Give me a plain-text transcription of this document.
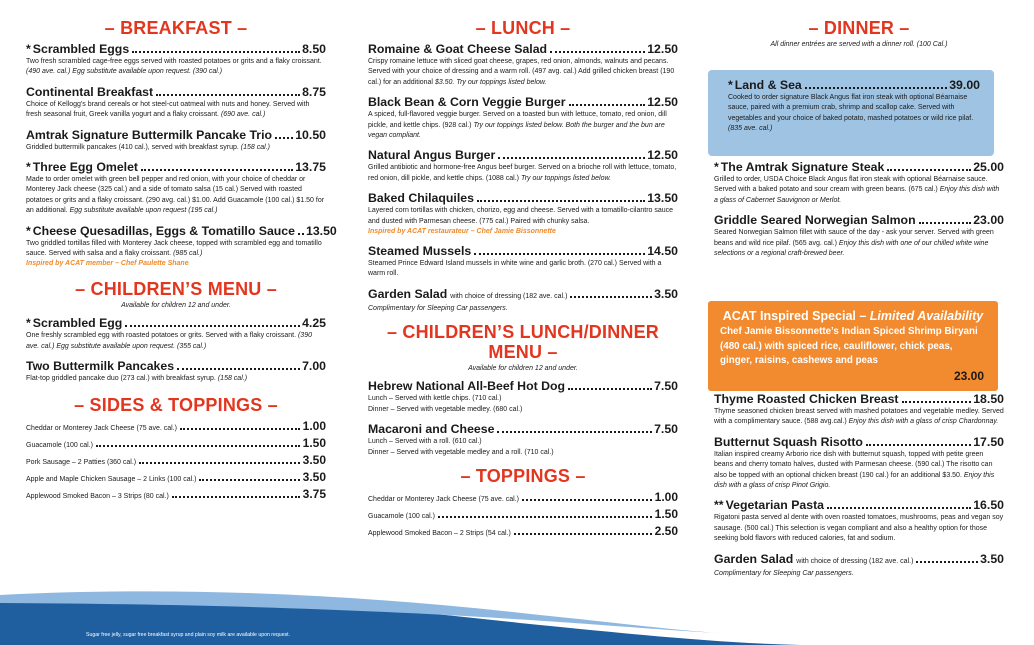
Sugar free jelly, sugar free breakfast syrup and plain soy milk are available upon request.
– BREAKFAST –
* Scrambled Eggs	8.50
Two fresh scrambled cage-free eggs served with roasted potatoes or grits and a flaky croissant. (490 ave. cal.) Egg substitute available upon request. (390 cal.)
Continental Breakfast	8.75
Choice of Kellogg’s brand cereals or hot steel-cut oatmeal with nuts and honey. Served with fresh seasonal fruit, Greek vanilla yogurt and a flaky croissant. (690 ave. cal.)
Amtrak Signature Buttermilk Pancake Trio 10.50
Griddled buttermilk pancakes (410 cal.), served with breakfast syrup. (158 cal.)
* Three Egg Omelet	13.75
Made to order omelet with green bell pepper and red onion, with your choice of cheddar or Monterey Jack cheese (325 cal.) and a side of tomato salsa (15 cal.) Served with roasted potatoes or grits and a flaky croissant. (290 avg. cal.) $1.00. Add Guacamole (100 cal.) $1.50 for an additional. Egg substitute available upon request (195 cal.)
* Cheese Quesadillas, Eggs & Tomatillo Sauce 13.50
Two griddled tortillas filled with Monterey Jack cheese, topped with scrambled egg and tomatillo sauce. Served with salsa and a flaky croissant. (985 cal.)
Inspired by ACAT member – Chef Paulette Shane
– CHILDREN’S MENU –
Available for children 12 and under.
* Scrambled Egg	4.25
One freshly scrambled egg with roasted potatoes or grits. Served with a flaky croissant. (390 ave. cal.) Egg substitute available upon request. (355 cal.)
Two Buttermilk Pancakes	7.00
Flat-top griddled pancake duo (273 cal.) with breakfast syrup. (158 cal.)
– SIDES & TOPPINGS –
Cheddar or Monterey Jack Cheese (75 ave. cal.)	1.00
Guacamole (100 cal.)	1.50
Pork Sausage – 2 Patties (360 cal.)	3.50
Apple and Maple Chicken Sausage – 2 Links (100 cal.)	3.50
Applewood Smoked Bacon – 3 Strips (80 cal.)	3.75
– LUNCH –
Romaine & Goat Cheese Salad	12.50
Crispy romaine lettuce with sliced goat cheese, grapes, red onion, almonds, walnuts and pecans. Served with your choice of dressing and a warm roll. (497 avg. cal.) Add grilled chicken breast (190 cal.) for an additional $3.50. Try our toppings listed below.
Black Bean & Corn Veggie Burger	12.50
A spiced, full-flavored veggie burger. Served on a toasted bun with lettuce, tomato, red onion, dill pickle, and kettle chips. (928 cal.) Try our toppings listed below. Both the burger and the bun are vegan compliant.
Natural Angus Burger	12.50
Grilled antibiotic and hormone-free Angus beef burger. Served on a brioche roll with lettuce, tomato, red onion, dill pickle, and kettle chips. (1088 cal.) Try our toppings listed below.
Baked Chilaquiles	13.50
Layered corn tortillas with chicken, chorizo, egg and cheese. Served with a tomatillo-cilantro sauce and dusted with Parmesan cheese. (775 cal.) Paired with chunky salsa.
Inspired by ACAT restaurateur – Chef Jamie Bissonnette
Steamed Mussels	14.50
Steamed Prince Edward Island mussels in white wine and garlic broth. (270 cal.) Served with a warm roll.
Garden Salad with choice of dressing (182 ave. cal.)	3.50
Complimentary for Sleeping Car passengers.
– CHILDREN’S LUNCH/DINNER MENU –
Available for children 12 and under.
Hebrew National All-Beef Hot Dog	7.50
Lunch – Served with kettle chips. (710 cal.)
Dinner – Served with vegetable medley. (680 cal.)
Macaroni and Cheese	7.50
Lunch – Served with a roll. (610 cal.)
Dinner – Served with vegetable medley and a roll. (710 cal.)
– TOPPINGS –
Cheddar or Monterey Jack Cheese (75 ave. cal.)	1.00
Guacamole (100 cal.)	1.50
Applewood Smoked Bacon – 2 Strips (54 cal.)	2.50
– DINNER –
All dinner entrées are served with a dinner roll. (100 Cal.)
* Land & Sea	39.00
Cooked to order signature Black Angus flat iron steak with optional Béarnaise sauce, paired with a premium crab, shrimp and scallop cake. Served with vegetables and your choice of baked potato, mashed potatoes or wild rice pilaf. (835 ave. cal.)
* The Amtrak Signature Steak	25.00
Grilled to order, USDA Choice Black Angus flat iron steak with optional Béarnaise sauce. Served with a baked potato and sour cream with green beans. (675 cal.) Enjoy this dish with a glass of Cabernet Sauvignon or Merlot.
Griddle Seared Norwegian Salmon	23.00
Seared Norwegian Salmon fillet with sauce of the day - ask your server. Served with green beans and wild rice pilaf. (565 avg. cal.) Enjoy this dish with one of our chilled white wine selections or a regional craft-brewed beer.
ACAT Inspired Special – Limited Availability
Chef Jamie Bissonnette’s Indian Spiced Shrimp Biryani (480 cal.) with spiced rice, cauliflower, chick peas, ginger, raisins, cashews and peas
23.00
Thyme Roasted Chicken Breast	18.50
Thyme seasoned chicken breast served with mashed potatoes and vegetable medley. Served with a complimentary sauce. (588 avg.cal.) Enjoy this dish with a glass of crisp Chardonnay.
Butternut Squash Risotto	17.50
Italian inspired creamy Arborio rice dish with butternut squash, topped with petite green beans and cherry tomato halves, dusted with Parmesan cheese. (590 cal.) The risotto can also be topped with an optional chicken breast (190 cal.) for an additional $3.50. Enjoy this dish with a glass of crisp Pinot Grigio.
** Vegetarian Pasta	16.50
Rigatoni pasta served al dente with oven roasted tomatoes, mushrooms, peas and vegan soy sausage. (500 cal.) This selection is vegan compliant and also a healthy option for those seeking bold flavors with reduced calories, fat and sodium.
Garden Salad with choice of dressing (182 ave. cal.)	3.50
Complimentary for Sleeping Car passengers.
